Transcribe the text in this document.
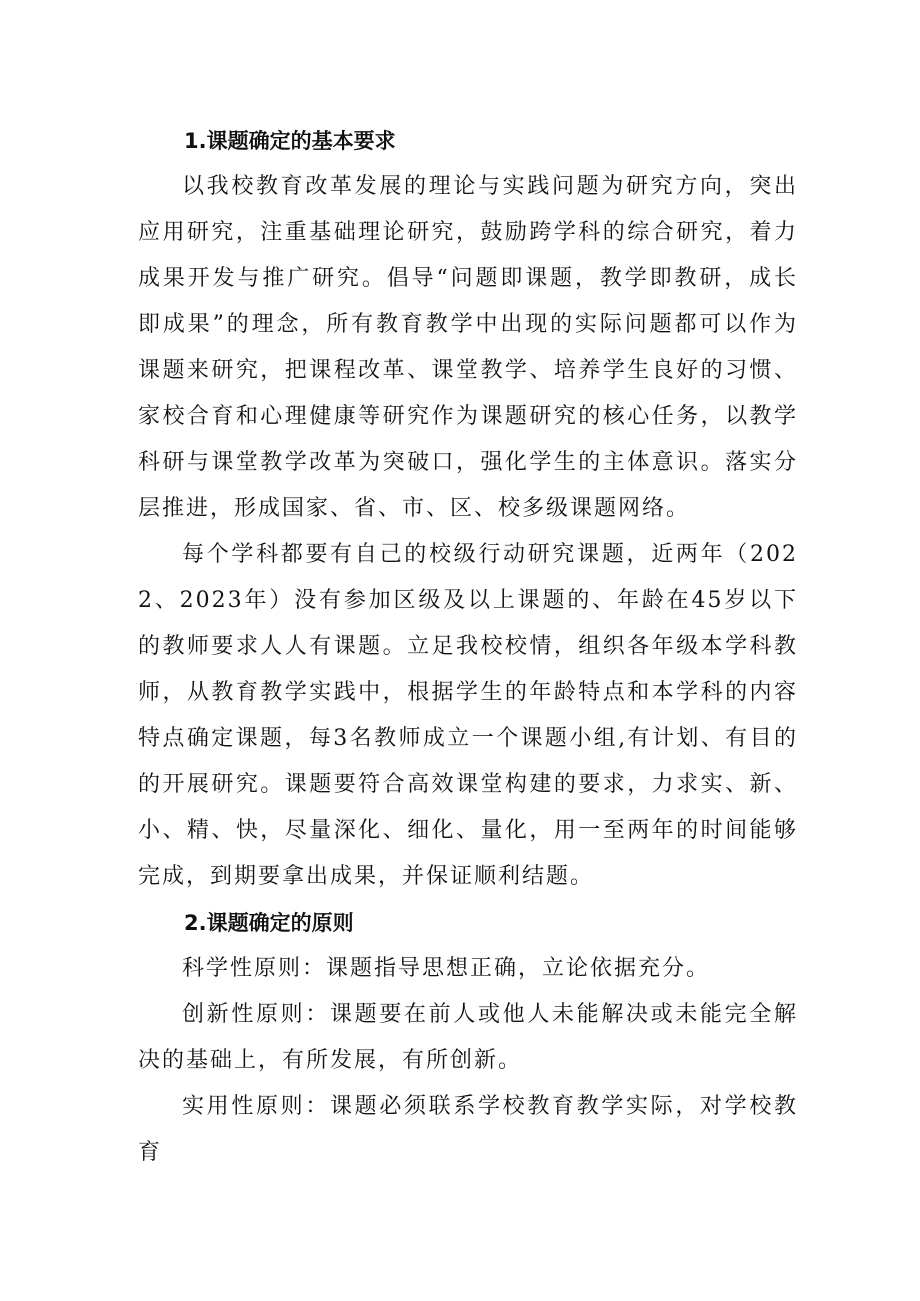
1.课题确定的基本要求

以我校教育改革发展的理论与实践问题为研究方向，突出应用研究，注重基础理论研究，鼓励跨学科的综合研究，着力成果开发与推广研究。倡导“问题即课题，教学即教研，成长即成果”的理念，所有教育教学中出现的实际问题都可以作为课题来研究，把课程改革、课堂教学、培养学生良好的习惯、家校合育和心理健康等研究作为课题研究的核心任务，以教学科研与课堂教学改革为突破口，强化学生的主体意识。落实分层推进，形成国家、省、市、区、校多级课题网络。

每个学科都要有自己的校级行动研究课题，近两年（2022、2023年）没有参加区级及以上课题的、年龄在45岁以下的教师要求人人有课题。立足我校校情，组织各年级本学科教师，从教育教学实践中，根据学生的年龄特点和本学科的内容特点确定课题，每3名教师成立一个课题小组,有计划、有目的的开展研究。课题要符合高效课堂构建的要求，力求实、新、小、精、快，尽量深化、细化、量化，用一至两年的时间能够完成，到期要拿出成果，并保证顺利结题。

2.课题确定的原则

科学性原则：课题指导思想正确，立论依据充分。

创新性原则：课题要在前人或他人未能解决或未能完全解决的基础上，有所发展，有所创新。

实用性原则：课题必须联系学校教育教学实际，对学校教育
